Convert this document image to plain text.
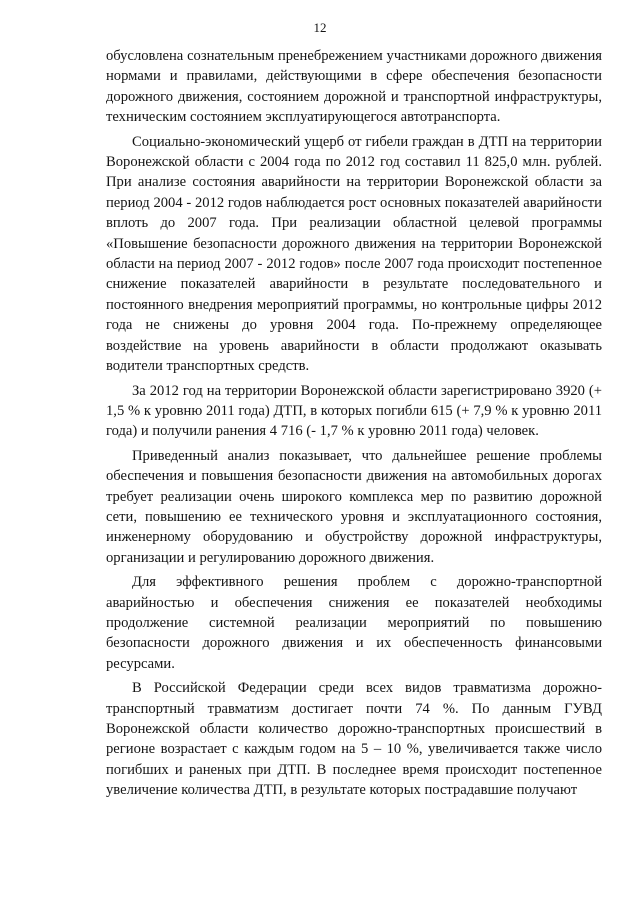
12

обусловлена сознательным пренебрежением участниками дорожного движения нормами и правилами, действующими в сфере обеспечения безопасности дорожного движения, состоянием дорожной и транспортной инфраструктуры, техническим состоянием эксплуатирующегося автотранспорта.

Социально-экономический ущерб от гибели граждан в ДТП на территории Воронежской области с 2004 года по 2012 год составил 11 825,0 млн. рублей. При анализе состояния аварийности на территории Воронежской области за период 2004 - 2012 годов наблюдается рост основных показателей аварийности вплоть до 2007 года. При реализации областной целевой программы «Повышение безопасности дорожного движения на территории Воронежской области на период 2007 - 2012 годов» после 2007 года происходит постепенное снижение показателей аварийности в результате последовательного и постоянного внедрения мероприятий программы, но контрольные цифры 2012 года не снижены до уровня 2004 года. По-прежнему определяющее воздействие на уровень аварийности в области продолжают оказывать водители транспортных средств.

За 2012 год на территории Воронежской области зарегистрировано 3920 (+ 1,5 % к уровню 2011 года) ДТП, в которых погибли 615 (+ 7,9 % к уровню 2011 года) и получили ранения 4 716 (- 1,7 % к уровню 2011 года) человек.

Приведенный анализ показывает, что дальнейшее решение проблемы обеспечения и повышения безопасности движения на автомобильных дорогах требует реализации очень широкого комплекса мер по развитию дорожной сети, повышению ее технического уровня и эксплуатационного состояния, инженерному оборудованию и обустройству дорожной инфраструктуры, организации и регулированию дорожного движения.

Для эффективного решения проблем с дорожно-транспортной аварийностью и обеспечения снижения ее показателей необходимы продолжение системной реализации мероприятий по повышению безопасности дорожного движения и их обеспеченность финансовыми ресурсами.

В Российской Федерации среди всех видов травматизма дорожно-транспортный травматизм достигает почти 74 %. По данным ГУВД Воронежской области количество дорожно-транспортных происшествий в регионе возрастает с каждым годом на 5 – 10 %, увеличивается также число погибших и раненых при ДТП. В последнее время происходит постепенное увеличение количества ДТП, в результате которых пострадавшие получают
